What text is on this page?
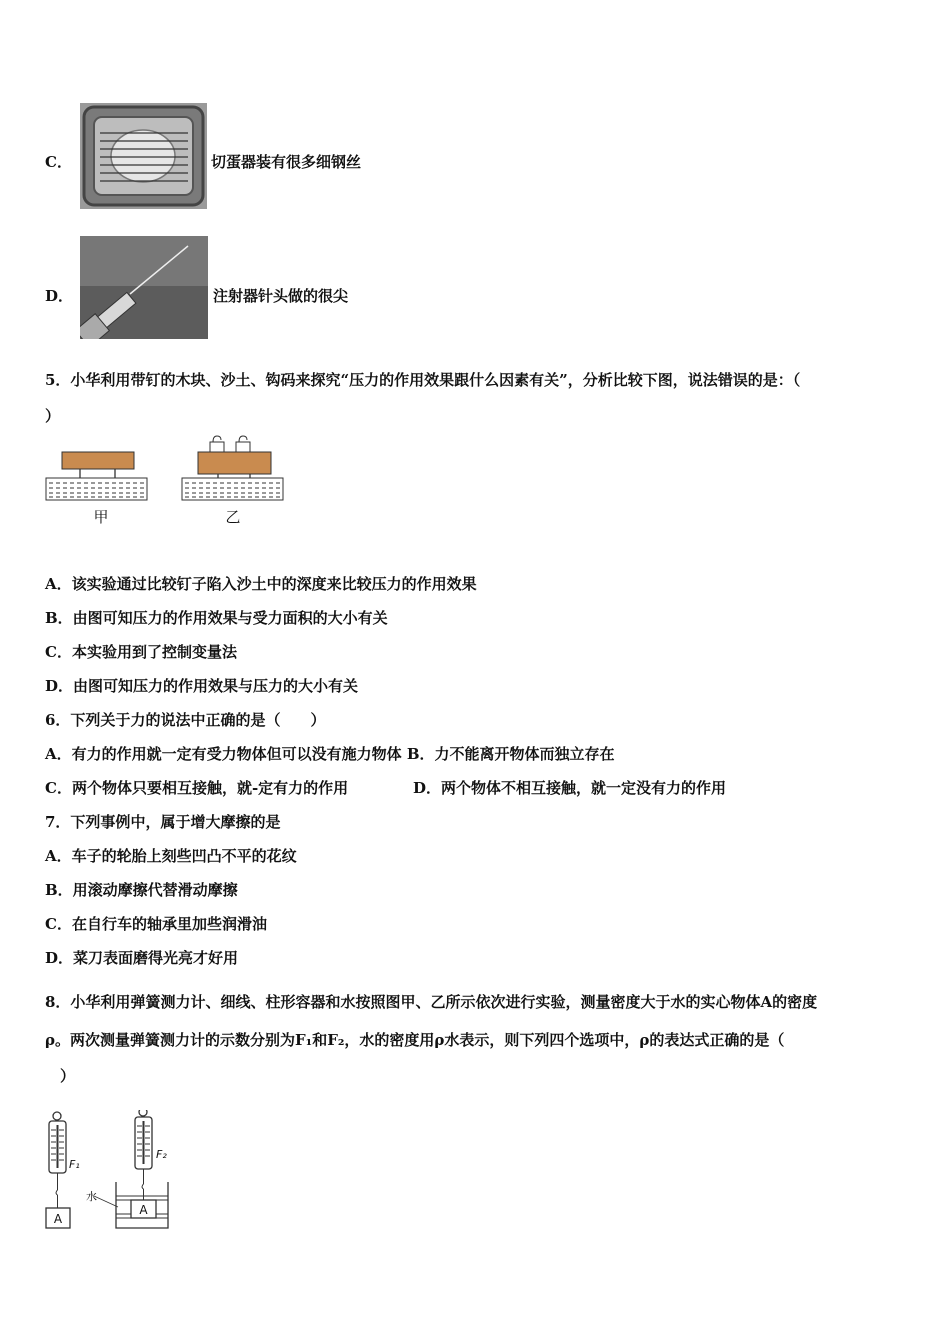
C．	切蛋器装有很多细钢丝
D．	注射器针头做的很尖
5．小华利用带钉的木块、沙土、钩码来探究“压力的作用效果跟什么因素有关”，分析比较下图，说法错误的是：（
）
甲	乙
A．该实验通过比较钉子陷入沙土中的深度来比较压力的作用效果
B．由图可知压力的作用效果与受力面积的大小有关
C．本实验用到了控制变量法
D．由图可知压力的作用效果与压力的大小有关
6．下列关于力的说法中正确的是（　　）
A．有力的作用就一定有受力物体但可以没有施力物体 B．力不能离开物体而独立存在
C．两个物体只要相互接触，就-定有力的作用	D．两个物体不相互接触，就一定没有力的作用
7．下列事例中，属于增大摩擦的是
A．车子的轮胎上刻些凹凸不平的花纹
B．用滚动摩擦代替滑动摩擦
C．在自行车的轴承里加些润滑油
D．菜刀表面磨得光亮才好用
8．小华利用弹簧测力计、细线、柱形容器和水按照图甲、乙所示依次进行实验，测量密度大于水的实心物体A的密度
ρ。两次测量弹簧测力计的示数分别为F₁和F₂，水的密度用ρ水表示，则下列四个选项中，ρ的表达式正确的是（
）
A
F₁
F₂
A
水
